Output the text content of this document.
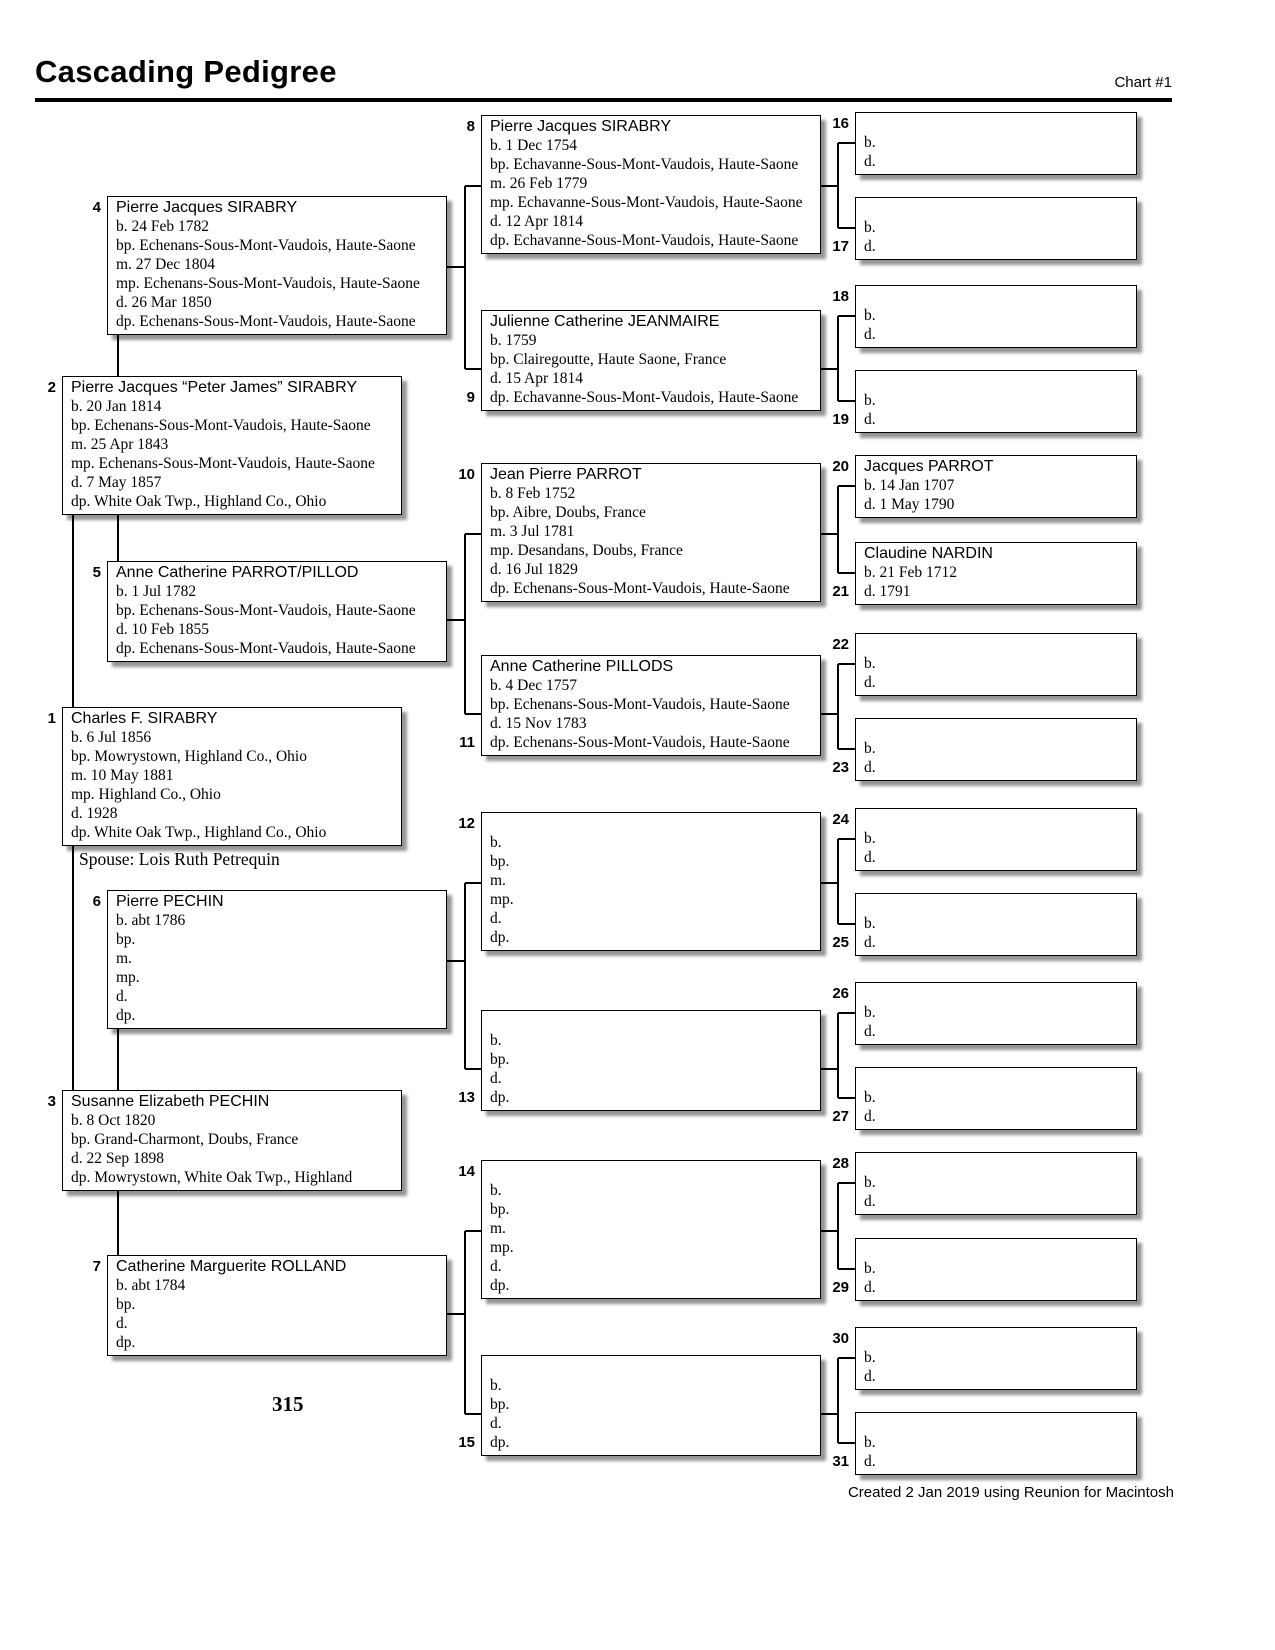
Cascading Pedigree	Chart #1
Charles F. SIRABRY
b. 6 Jul 1856
bp. Mowrystown, Highland Co., Ohio
m. 10 May 1881
mp. Highland Co., Ohio
d. 1928
dp. White Oak Twp., Highland Co., Ohio
1
Pierre Jacques “Peter James” SIRABRY
b. 20 Jan 1814
bp. Echenans-Sous-Mont-Vaudois, Haute-Saone
m. 25 Apr 1843
mp. Echenans-Sous-Mont-Vaudois, Haute-Saone
d. 7 May 1857
dp. White Oak Twp., Highland Co., Ohio
2
Susanne Elizabeth PECHIN
b. 8 Oct 1820
bp. Grand-Charmont, Doubs, France
d. 22 Sep 1898
dp. Mowrystown, White Oak Twp., Highland
3
Pierre Jacques SIRABRY
b. 24 Feb 1782
bp. Echenans-Sous-Mont-Vaudois, Haute-Saone
m. 27 Dec 1804
mp. Echenans-Sous-Mont-Vaudois, Haute-Saone
d. 26 Mar 1850
dp. Echenans-Sous-Mont-Vaudois, Haute-Saone
4
Anne Catherine PARROT/PILLOD
b. 1 Jul 1782
bp. Echenans-Sous-Mont-Vaudois, Haute-Saone
d. 10 Feb 1855
dp. Echenans-Sous-Mont-Vaudois, Haute-Saone
5
Pierre PECHIN
b. abt 1786
bp.
m.
mp.
d.
dp.
6
Catherine Marguerite ROLLAND
b. abt 1784
bp.
d.
dp.
7
Pierre Jacques SIRABRY
b. 1 Dec 1754
bp. Echavanne-Sous-Mont-Vaudois, Haute-Saone
m. 26 Feb 1779
mp. Echavanne-Sous-Mont-Vaudois, Haute-Saone
d. 12 Apr 1814
dp. Echavanne-Sous-Mont-Vaudois, Haute-Saone
8
Julienne Catherine JEANMAIRE
b. 1759
bp. Clairegoutte, Haute Saone, France
d. 15 Apr 1814
dp. Echavanne-Sous-Mont-Vaudois, Haute-Saone
9
Jean Pierre PARROT
b. 8 Feb 1752
bp. Aibre, Doubs, France
m. 3 Jul 1781
mp. Desandans, Doubs, France
d. 16 Jul 1829
dp. Echenans-Sous-Mont-Vaudois, Haute-Saone
10
Anne Catherine PILLODS
b. 4 Dec 1757
bp. Echenans-Sous-Mont-Vaudois, Haute-Saone
d. 15 Nov 1783
dp. Echenans-Sous-Mont-Vaudois, Haute-Saone
11
b.
bp.
m.
mp.
d.
dp.
12
b.
bp.
d.
dp.
13
b.
bp.
m.
mp.
d.
dp.
14
b.
bp.
d.
dp.
15
b.
d.
16
b.
d.
17
b.
d.
18
b.
d.
19
Jacques PARROT
b. 14 Jan 1707
d. 1 May 1790
20
Claudine NARDIN
b. 21 Feb 1712
d. 1791
21
b.
d.
22
b.
d.
23
b.
d.
24
b.
d.
25
b.
d.
26
b.
d.
27
b.
d.
28
b.
d.
29
b.
d.
30
b.
d.
31
Spouse: Lois Ruth Petrequin
315
Created 2 Jan 2019 using Reunion for Macintosh
